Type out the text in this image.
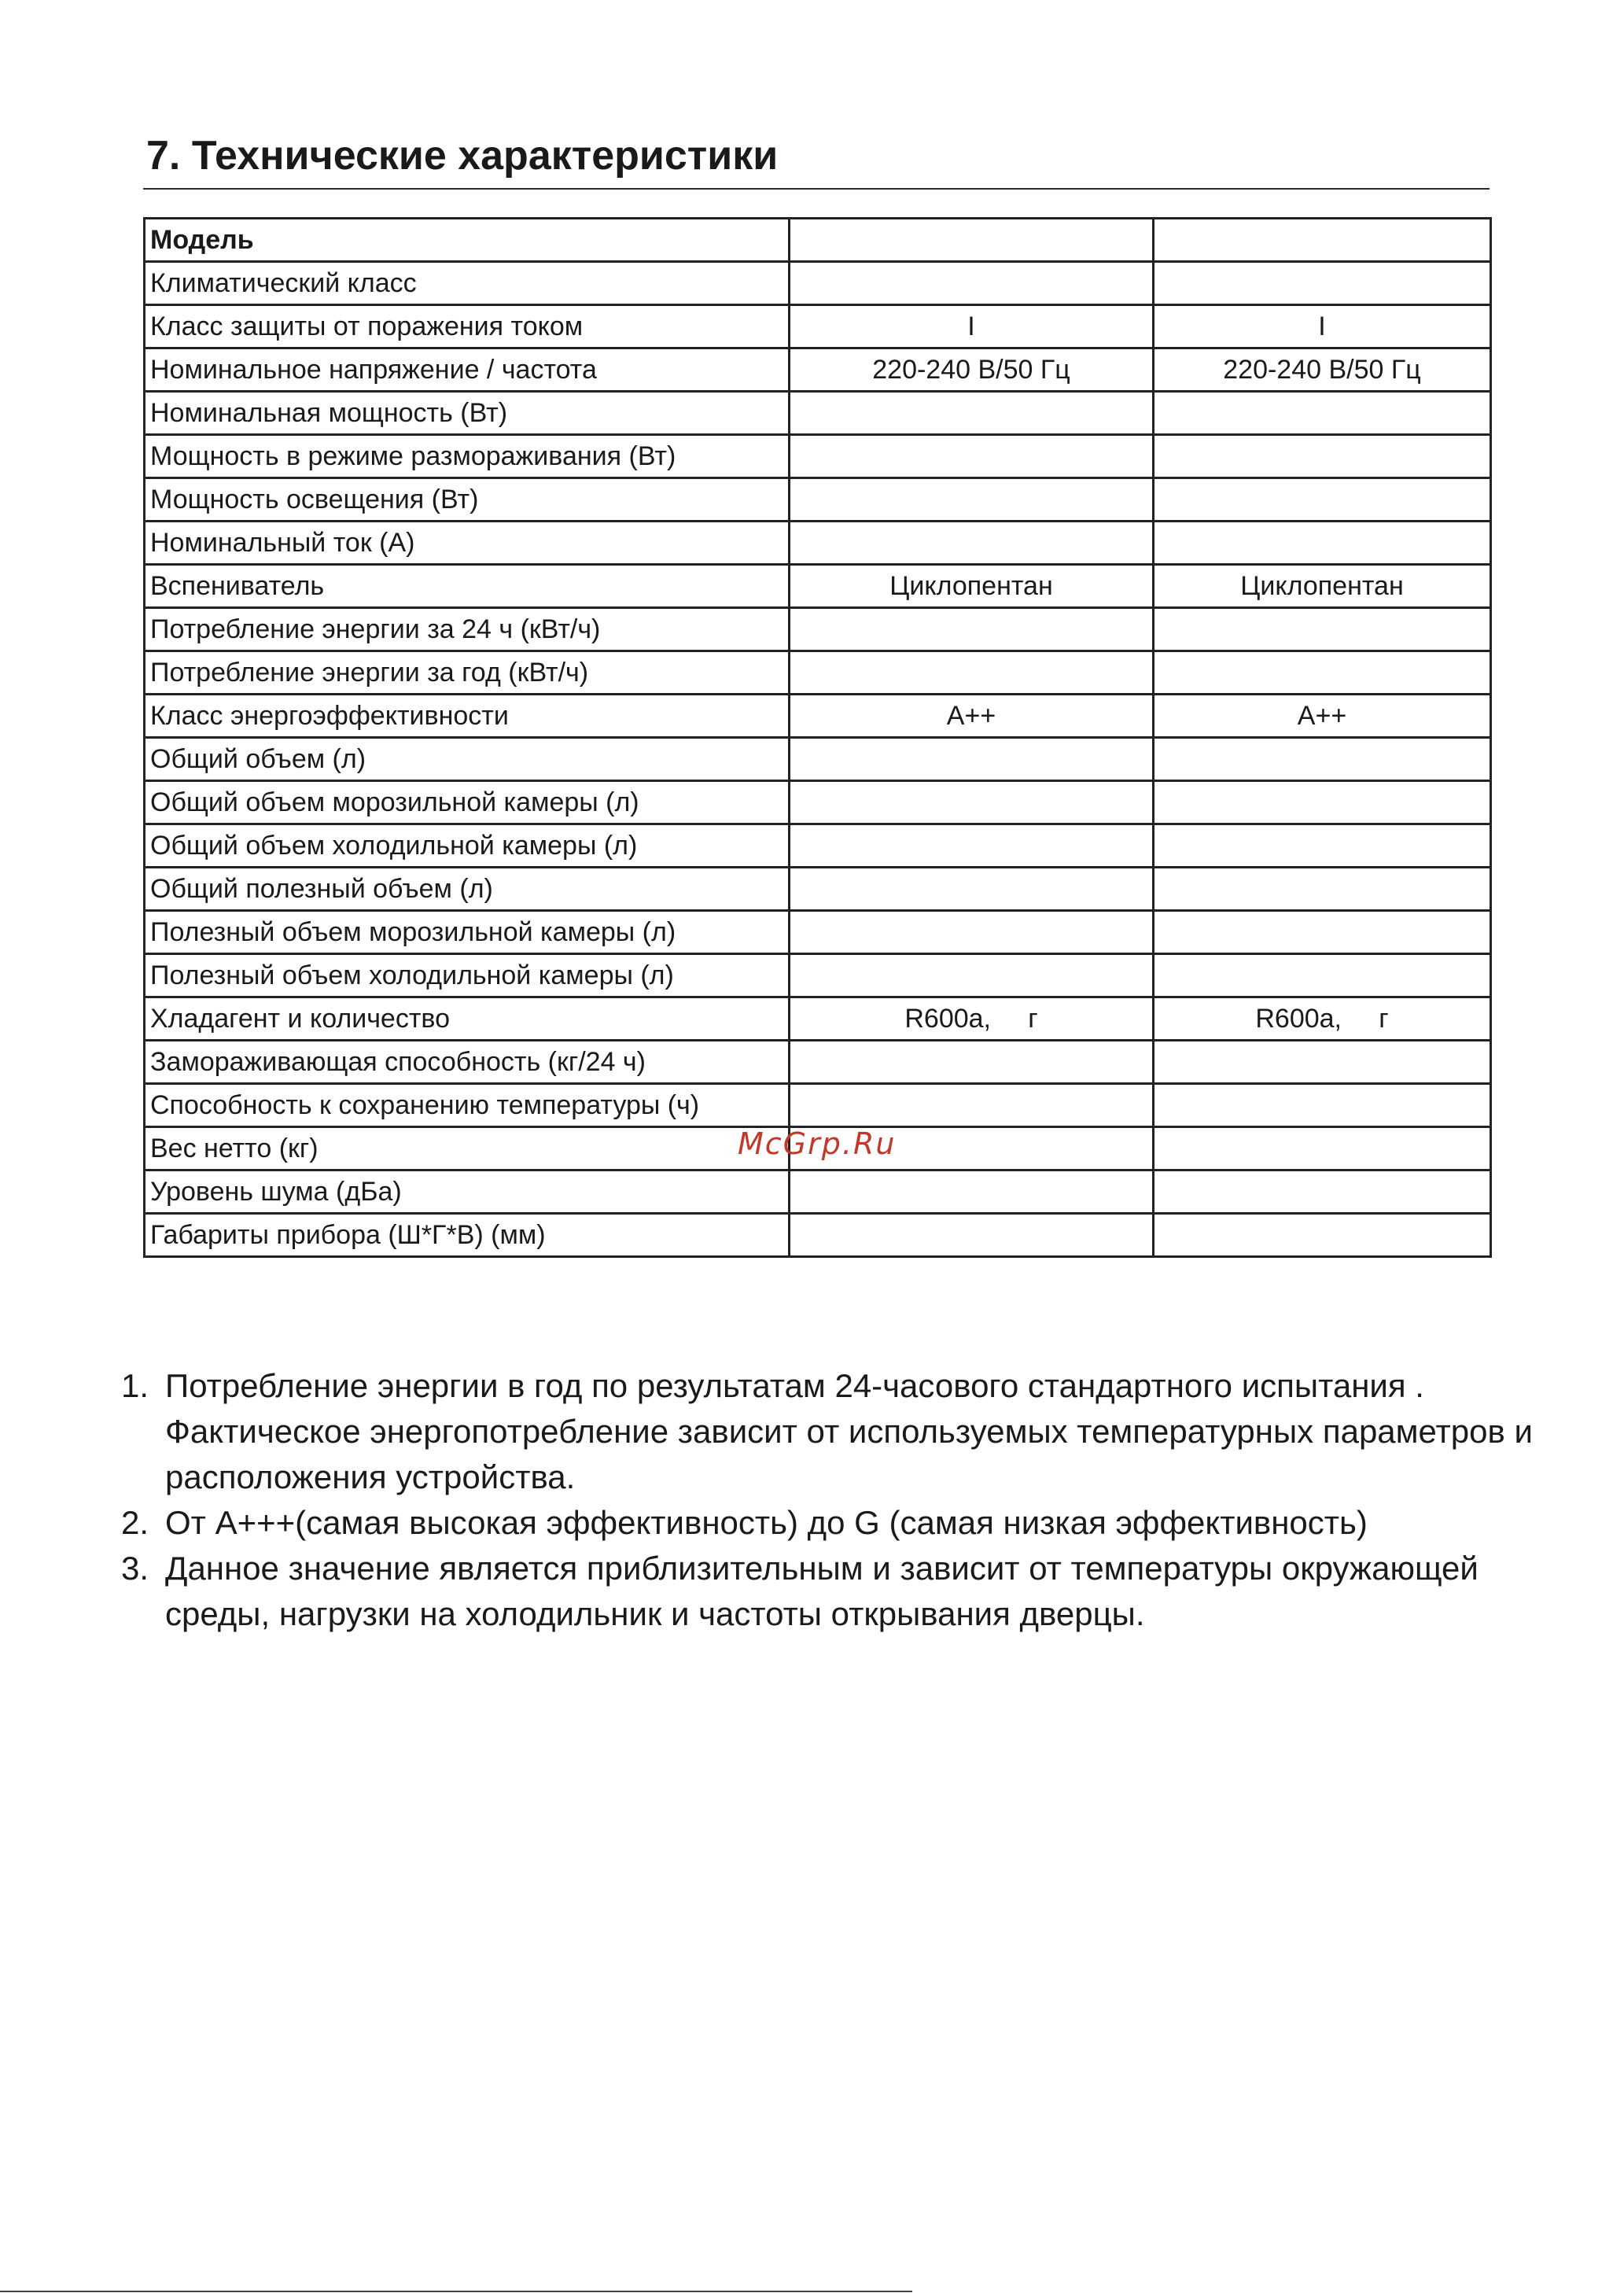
7. Технические характеристики
Модель		
Климатический класс		
Класс защиты от поражения током	I	I
Номинальное напряжение / частота	220-240 В/50 Гц	220-240 В/50 Гц
Номинальная мощность (Вт)		
Мощность в режиме размораживания (Вт)		
Мощность освещения (Вт)		
Номинальный ток (А)		
Вспениватель	Циклопентан	Циклопентан
Потребление энергии за 24 ч (кВт/ч)		
Потребление энергии за год (кВт/ч)		
Класс энергоэффективности	A++	A++
Общий объем (л)		
Общий объем морозильной камеры (л)		
Общий объем холодильной камеры (л)		
Общий полезный объем (л)		
Полезный объем морозильной камеры (л)		
Полезный объем холодильной камеры (л)		
Хладагент и количество	R600a,     г	R600a,     г
Замораживающая способность (кг/24 ч)		
Способность к сохранению температуры (ч)		
Вес нетто (кг)		
Уровень шума (дБа)		
Габариты прибора (Ш*Г*В) (мм)		
McGrp.Ru
1. Потребление энергии в год по результатам 24-часового стандартного испытания . Фактическое энергопотребление зависит от используемых температурных параметров и расположения устройства.
2. От A+++(самая высокая эффективность) до G (самая низкая эффективность)
3. Данное значение является приблизительным и зависит от температуры окружающей среды, нагрузки на холодильник и частоты открывания дверцы.
